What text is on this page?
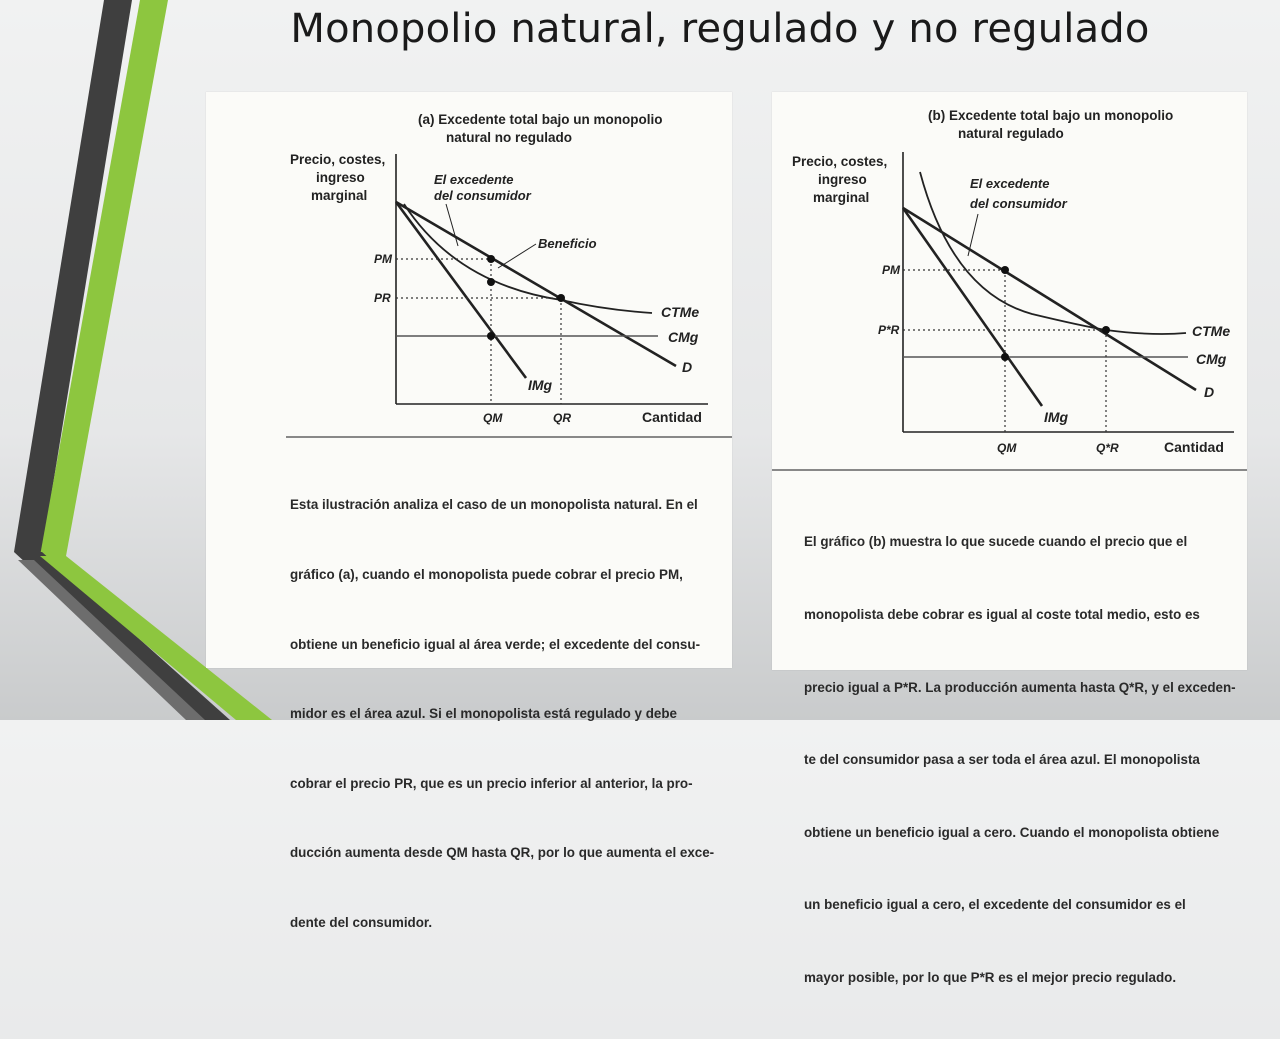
Monopolio natural, regulado y no regulado
(a) Excedente total bajo un monopolio
natural no regulado
Precio, costes,
ingreso
marginal
El excedente
del consumidor
Beneficio
PM
PR
QM	QR
CTMe
CMg
D
IMg
Cantidad

Esta ilustración analiza el caso de un monopolista natural. En el

gráfico (a), cuando el monopolista puede cobrar el precio PM,

obtiene un beneficio igual al área verde; el excedente del consu-

midor es el área azul. Si el monopolista está regulado y debe

cobrar el precio PR, que es un precio inferior al anterior, la pro-

ducción aumenta desde QM hasta QR, por lo que aumenta el exce-

dente del consumidor.

(b) Excedente total bajo un monopolio
natural regulado
Precio, costes,
ingreso
marginal
El excedente
del consumidor
PM
P*R
QM	Q*R
CTMe
CMg
D
IMg
Cantidad

El gráfico (b) muestra lo que sucede cuando el precio que el

monopolista debe cobrar es igual al coste total medio, esto es

precio igual a P*R. La producción aumenta hasta Q*R, y el exceden-

te del consumidor pasa a ser toda el área azul. El monopolista

obtiene un beneficio igual a cero. Cuando el monopolista obtiene

un beneficio igual a cero, el excedente del consumidor es el

mayor posible, por lo que P*R es el mejor precio regulado.
